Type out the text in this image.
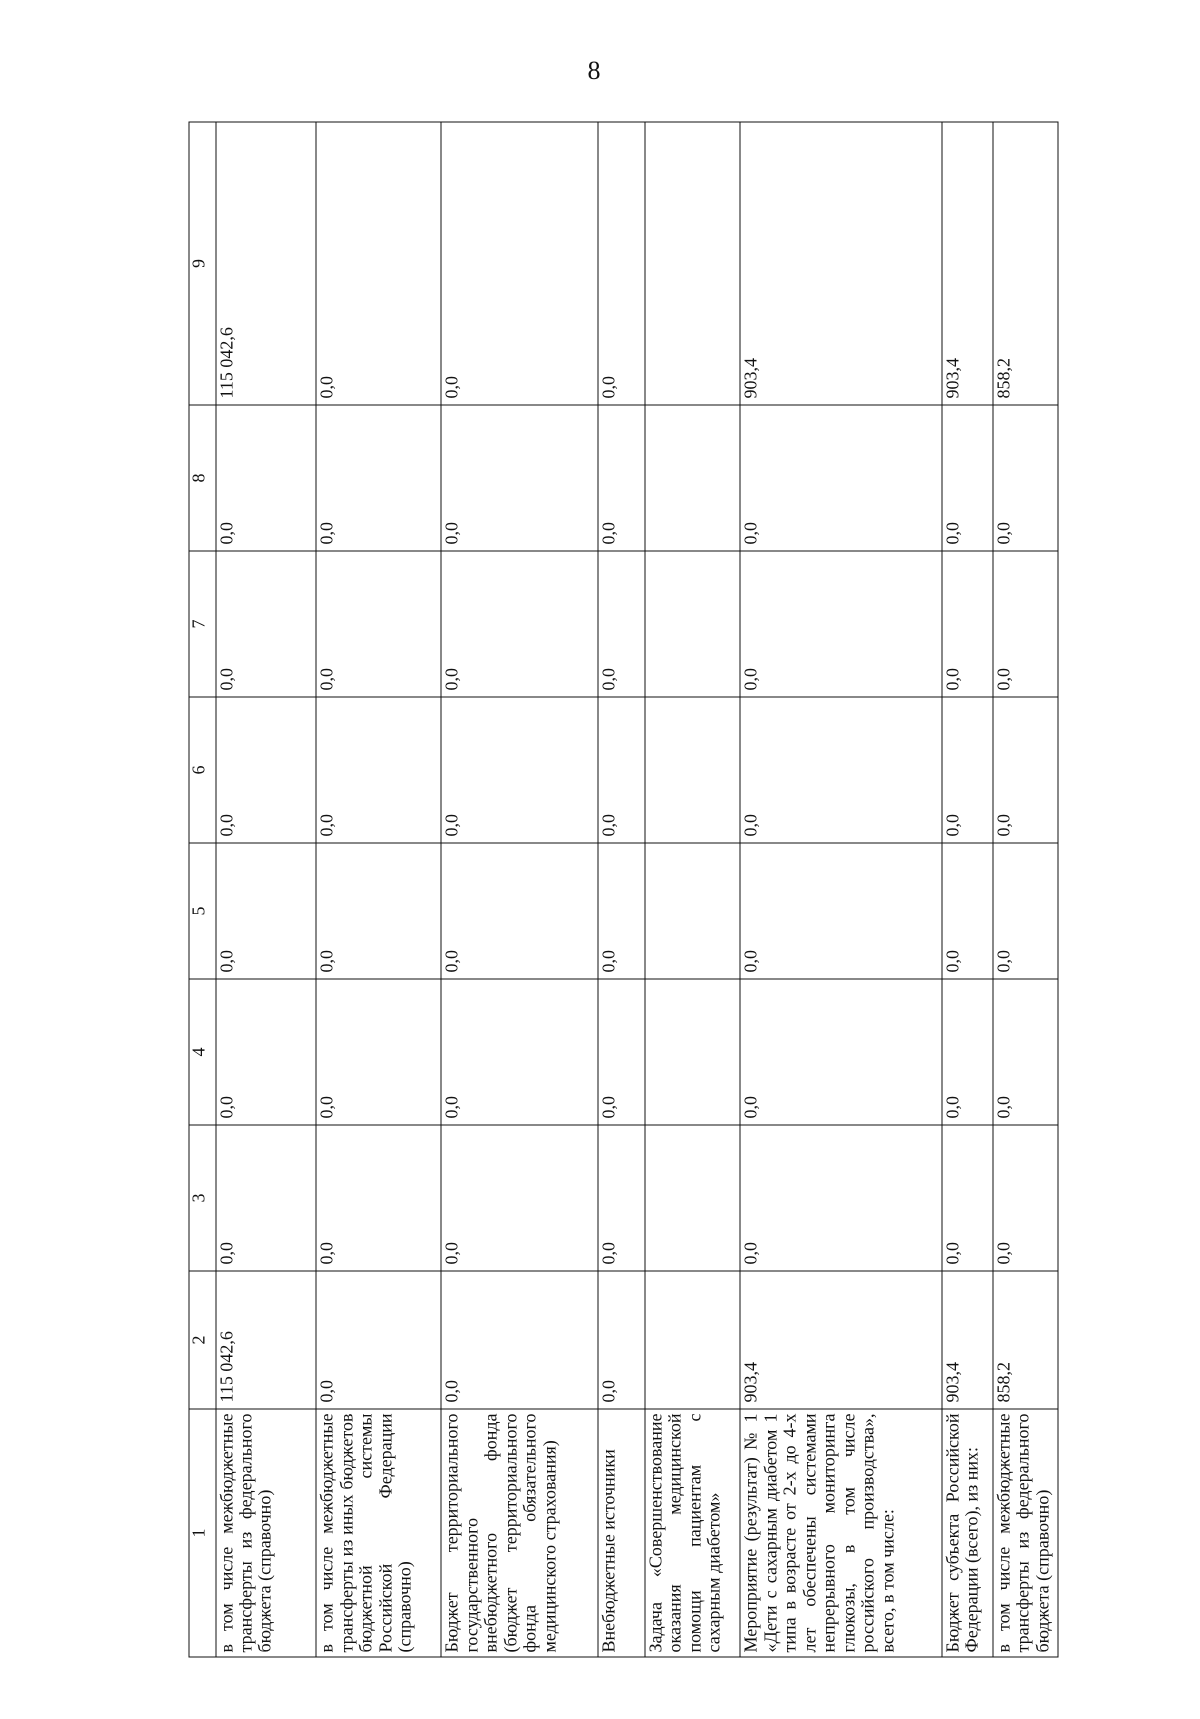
8
1	2	3	4	5	6	7	8	9
в том числе межбюджетные трансферты из федерального бюджета (справочно)	115 042,6	0,0	0,0	0,0	0,0	0,0	0,0	115 042,6
в том числе межбюджетные трансферты из иных бюджетов бюджетной системы Российской Федерации (справочно)	0,0	0,0	0,0	0,0	0,0	0,0	0,0	0,0
Бюджет территориального государственного внебюджетного фонда (бюджет территориального фонда обязательного медицинского страхования)	0,0	0,0	0,0	0,0	0,0	0,0	0,0	0,0
Внебюджетные источники	0,0	0,0	0,0	0,0	0,0	0,0	0,0	0,0
Задача «Совершенствование оказания медицинской помощи пациентам с сахарным диабетом»								
Мероприятие (результат) № 1 «Дети с сахарным диабетом 1 типа в возрасте от 2-х до 4-х лет обеспечены системами непрерывного мониторинга глюкозы, в том числе российского производства», всего, в том числе:	903,4	0,0	0,0	0,0	0,0	0,0	0,0	903,4
Бюджет субъекта Российской Федерации (всего), из них:	903,4	0,0	0,0	0,0	0,0	0,0	0,0	903,4
в том числе межбюджетные трансферты из федерального бюджета (справочно)	858,2	0,0	0,0	0,0	0,0	0,0	0,0	858,2
